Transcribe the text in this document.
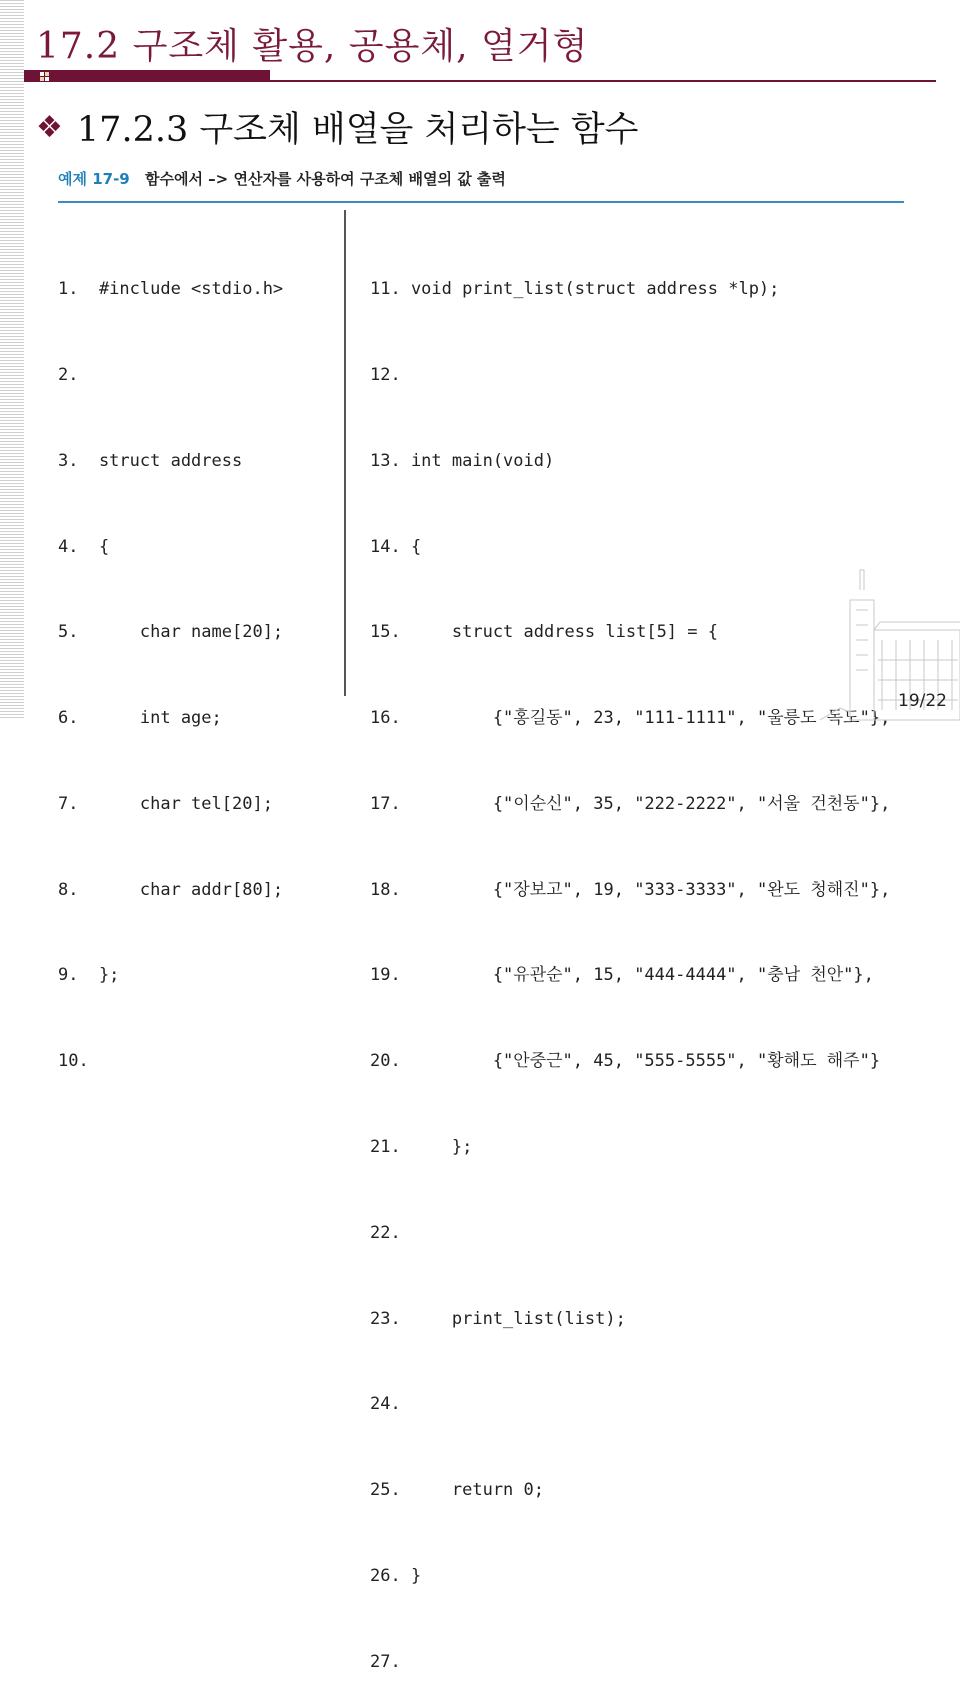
17.2 구조체 활용, 공용체, 열거형
❖ 17.2.3 구조체 배열을 처리하는 함수
예제 17-9 함수에서 –> 연산자를 사용하여 구조체 배열의 값 출력

1.  #include <stdio.h>

2.

3.  struct address

4.  {

5.      char name[20];

6.      int age;

7.      char tel[20];

8.      char addr[80];

9.  };

10.

11. void print_list(struct address *lp);

12.

13. int main(void)

14. {

15.     struct address list[5] = {

16.         {"홍길동", 23, "111-1111", "울릉도 독도"},

17.         {"이순신", 35, "222-2222", "서울 건천동"},

18.         {"장보고", 19, "333-3333", "완도 청해진"},

19.         {"유관순", 15, "444-4444", "충남 천안"},

20.         {"안중근", 45, "555-5555", "황해도 해주"}

21.     };

22.

23.     print_list(list);

24.

25.     return 0;

26. }

27.

19/22
